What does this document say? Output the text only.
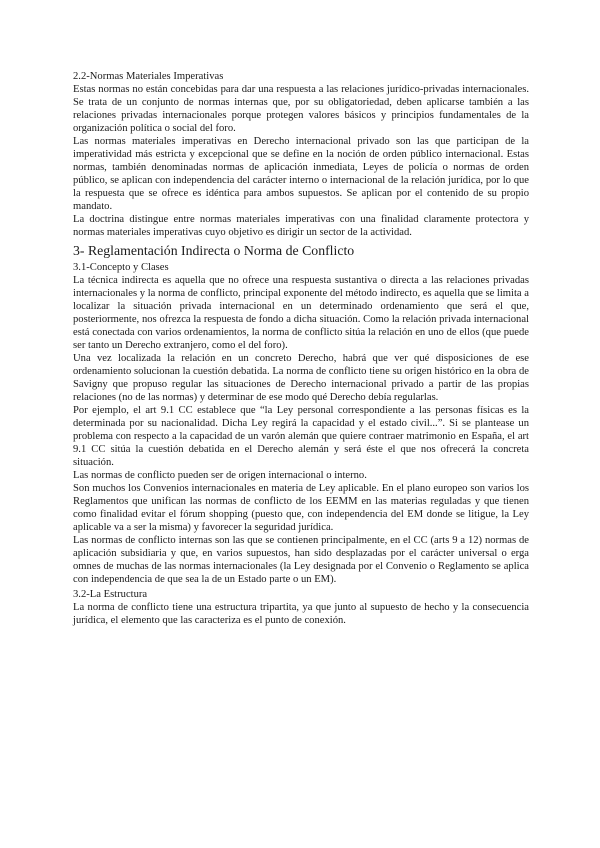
2.2-Normas Materiales Imperativas

Estas normas no están concebidas para dar una respuesta a las relaciones jurídico-privadas internacionales. Se trata de un conjunto de normas internas que, por su obligatoriedad, deben aplicarse también a las relaciones privadas internacionales porque protegen valores básicos y principios fundamentales de la organización política o social del foro.

Las normas materiales imperativas en Derecho internacional privado son las que participan de la imperatividad más estricta y excepcional que se define en la noción de orden público internacional. Estas normas, también denominadas normas de aplicación inmediata, Leyes de policía o normas de orden público, se aplican con independencia del carácter interno o internacional de la relación jurídica, por lo que la respuesta que se ofrece es idéntica para ambos supuestos. Se aplican por el contenido de su propio mandato.

La doctrina distingue entre normas materiales imperativas con una finalidad claramente protectora y normas materiales imperativas cuyo objetivo es dirigir un sector de la actividad.

3- Reglamentación Indirecta o Norma de Conflicto
3.1-Concepto y Clases

La técnica indirecta es aquella que no ofrece una respuesta sustantiva o directa a las relaciones privadas internacionales y la norma de conflicto, principal exponente del método indirecto, es aquella que se limita a localizar la situación privada internacional en un determinado ordenamiento que será el que, posteriormente, nos ofrezca la respuesta de fondo a dicha situación. Como la relación privada internacional está conectada con varios ordenamientos, la norma de conflicto sitúa la relación en uno de ellos (que puede ser tanto un Derecho extranjero, como el del foro).

Una vez localizada la relación en un concreto Derecho, habrá que ver qué disposiciones de ese ordenamiento solucionan la cuestión debatida. La norma de conflicto tiene su origen histórico en la obra de Savigny que propuso regular las situaciones de Derecho internacional privado a partir de las propias relaciones (no de las normas) y determinar de ese modo qué Derecho debía regularlas.

Por ejemplo, el art 9.1 CC establece que “la Ley personal correspondiente a las personas físicas es la determinada por su nacionalidad. Dicha Ley regirá la capacidad y el estado civil...”. Si se plantease un problema con respecto a la capacidad de un varón alemán que quiere contraer matrimonio en España, el art 9.1 CC sitúa la cuestión debatida en el Derecho alemán y será éste el que nos ofrecerá la concreta situación.

Las normas de conflicto pueden ser de origen internacional o interno.

Son muchos los Convenios internacionales en materia de Ley aplicable. En el plano europeo son varios los Reglamentos que unifican las normas de conflicto de los EEMM en las materias reguladas y que tienen como finalidad evitar el fórum shopping (puesto que, con independencia del EM donde se litigue, la Ley aplicable va a ser la misma) y favorecer la seguridad jurídica.

Las normas de conflicto internas son las que se contienen principalmente, en el CC (arts 9 a 12) normas de aplicación subsidiaria y que, en varios supuestos, han sido desplazadas por el carácter universal o erga omnes de muchas de las normas internacionales (la Ley designada por el Convenio o Reglamento se aplica con independencia de que sea la de un Estado parte o un EM).

3.2-La Estructura

La norma de conflicto tiene una estructura tripartita, ya que junto al supuesto de hecho y la consecuencia jurídica, el elemento que las caracteriza es el punto de conexión.
